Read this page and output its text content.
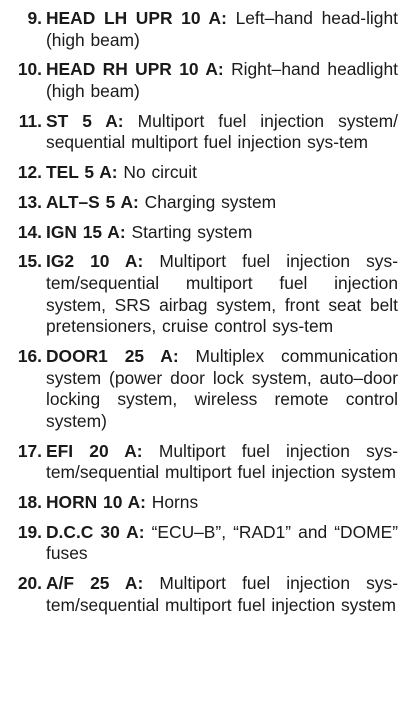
9. HEAD LH UPR 10 A: Left–hand head-light (high beam)
10. HEAD RH UPR 10 A: Right–hand headlight (high beam)
11. ST 5 A: Multiport fuel injection system/ sequential multiport fuel injection sys-tem
12. TEL 5 A: No circuit
13. ALT–S 5 A: Charging system
14. IGN 15 A: Starting system
15. IG2 10 A: Multiport fuel injection sys-tem/sequential multiport fuel injection system, SRS airbag system, front seat belt pretensioners, cruise control sys-tem
16. DOOR1 25 A: Multiplex communication system (power door lock system, auto–door locking system, wireless remote control system)
17. EFI 20 A: Multiport fuel injection sys-tem/sequential multiport fuel injection system
18. HORN 10 A: Horns
19. D.C.C 30 A: “ECU–B”, “RAD1” and “DOME” fuses
20. A/F 25 A: Multiport fuel injection sys-tem/sequential multiport fuel injection system
